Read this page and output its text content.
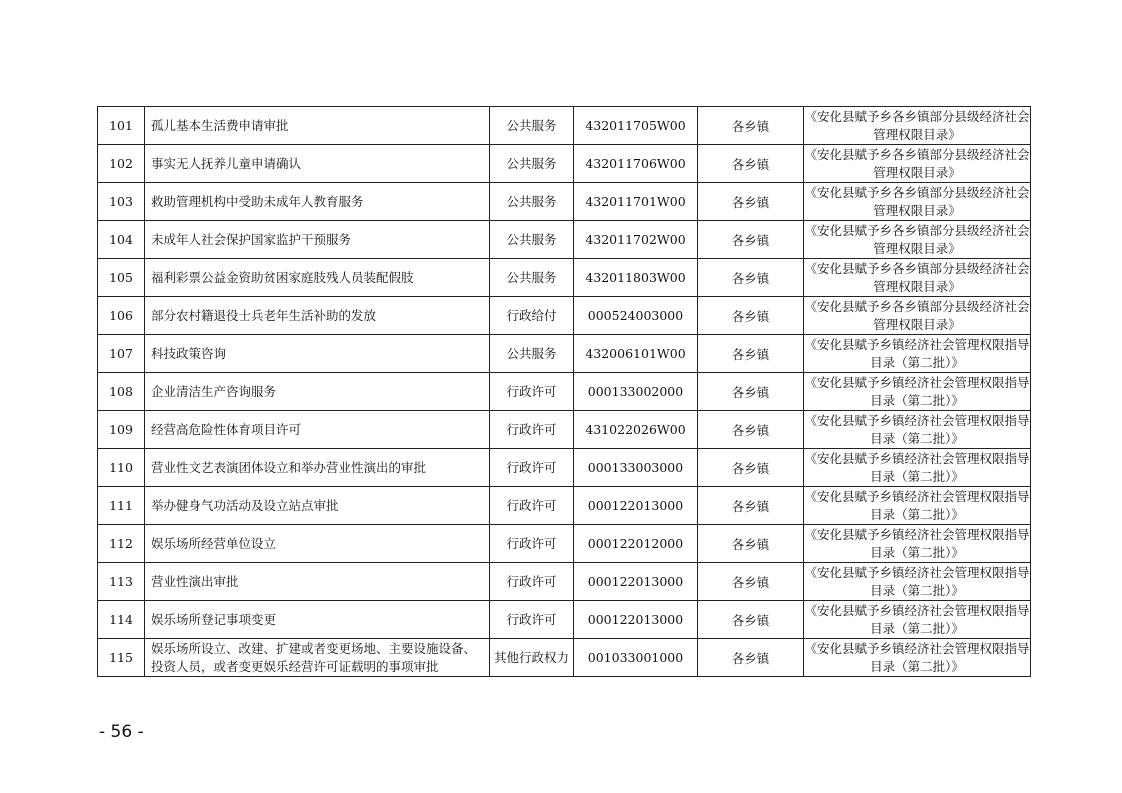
101	孤儿基本生活费申请审批	公共服务	432011705W00	各乡镇	《安化县赋予乡各乡镇部分县级经济社会管理权限目录》
102	事实无人抚养儿童申请确认	公共服务	432011706W00	各乡镇	《安化县赋予乡各乡镇部分县级经济社会管理权限目录》
103	救助管理机构中受助未成年人教育服务	公共服务	432011701W00	各乡镇	《安化县赋予乡各乡镇部分县级经济社会管理权限目录》
104	未成年人社会保护国家监护干预服务	公共服务	432011702W00	各乡镇	《安化县赋予乡各乡镇部分县级经济社会管理权限目录》
105	福利彩票公益金资助贫困家庭肢残人员装配假肢	公共服务	432011803W00	各乡镇	《安化县赋予乡各乡镇部分县级经济社会管理权限目录》
106	部分农村籍退役士兵老年生活补助的发放	行政给付	000524003000	各乡镇	《安化县赋予乡各乡镇部分县级经济社会管理权限目录》
107	科技政策咨询	公共服务	432006101W00	各乡镇	《安化县赋予乡镇经济社会管理权限指导目录（第二批）》
108	企业清洁生产咨询服务	行政许可	000133002000	各乡镇	《安化县赋予乡镇经济社会管理权限指导目录（第二批）》
109	经营高危险性体育项目许可	行政许可	431022026W00	各乡镇	《安化县赋予乡镇经济社会管理权限指导目录（第二批）》
110	营业性文艺表演团体设立和举办营业性演出的审批	行政许可	000133003000	各乡镇	《安化县赋予乡镇经济社会管理权限指导目录（第二批）》
111	举办健身气功活动及设立站点审批	行政许可	000122013000	各乡镇	《安化县赋予乡镇经济社会管理权限指导目录（第二批）》
112	娱乐场所经营单位设立	行政许可	000122012000	各乡镇	《安化县赋予乡镇经济社会管理权限指导目录（第二批）》
113	营业性演出审批	行政许可	000122013000	各乡镇	《安化县赋予乡镇经济社会管理权限指导目录（第二批）》
114	娱乐场所登记事项变更	行政许可	000122013000	各乡镇	《安化县赋予乡镇经济社会管理权限指导目录（第二批）》
115	娱乐场所设立、改建、扩建或者变更场地、主要设施设备、投资人员，或者变更娱乐经营许可证载明的事项审批	其他行政权力	001033001000	各乡镇	《安化县赋予乡镇经济社会管理权限指导目录（第二批）》
- 56 -
